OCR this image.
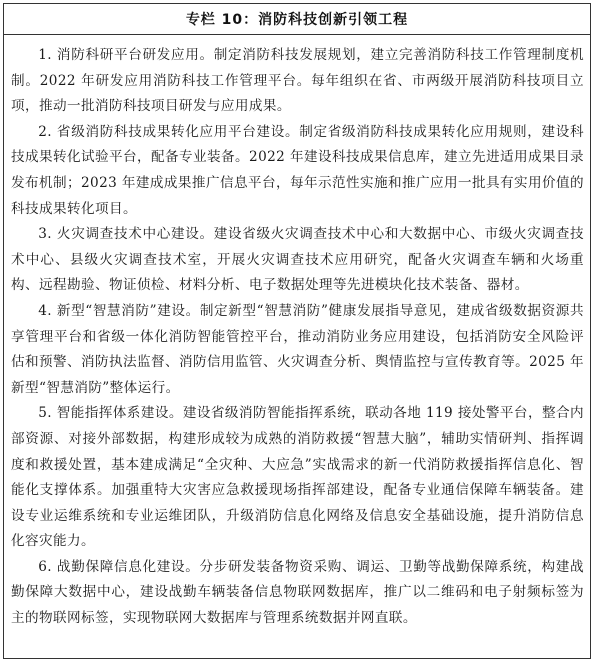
专栏 10：消防科技创新引领工程

1. 消防科研平台研发应用。制定消防科技发展规划，建立完善消防科技工作管理制度机制。2022 年研发应用消防科技工作管理平台。每年组织在省、市两级开展消防科技项目立项，推动一批消防科技项目研发与应用成果。

2. 省级消防科技成果转化应用平台建设。制定省级消防科技成果转化应用规则，建设科技成果转化试验平台，配备专业装备。2022 年建设科技成果信息库，建立先进适用成果目录发布机制；2023 年建成成果推广信息平台，每年示范性实施和推广应用一批具有实用价值的科技成果转化项目。

3. 火灾调查技术中心建设。建设省级火灾调查技术中心和大数据中心、市级火灾调查技术中心、县级火灾调查技术室，开展火灾调查技术应用研究，配备火灾调查车辆和火场重构、远程勘验、物证侦检、材料分析、电子数据处理等先进模块化技术装备、器材。

4. 新型“智慧消防”建设。制定新型“智慧消防”健康发展指导意见，建成省级数据资源共享管理平台和省级一体化消防智能管控平台，推动消防业务应用建设，包括消防安全风险评估和预警、消防执法监督、消防信用监管、火灾调查分析、舆情监控与宣传教育等。2025 年新型“智慧消防”整体运行。

5. 智能指挥体系建设。建设省级消防智能指挥系统，联动各地 119 接处警平台，整合内部资源、对接外部数据，构建形成较为成熟的消防救援“智慧大脑”，辅助实情研判、指挥调度和救援处置，基本建成满足“全灾种、大应急”实战需求的新一代消防救援指挥信息化、智能化支撑体系。加强重特大灾害应急救援现场指挥部建设，配备专业通信保障车辆装备。建设专业运维系统和专业运维团队，升级消防信息化网络及信息安全基础设施，提升消防信息化容灾能力。

6. 战勤保障信息化建设。分步研发装备物资采购、调运、卫勤等战勤保障系统，构建战勤保障大数据中心，建设战勤车辆装备信息物联网数据库，推广以二维码和电子射频标签为主的物联网标签，实现物联网大数据库与管理系统数据并网直联。
